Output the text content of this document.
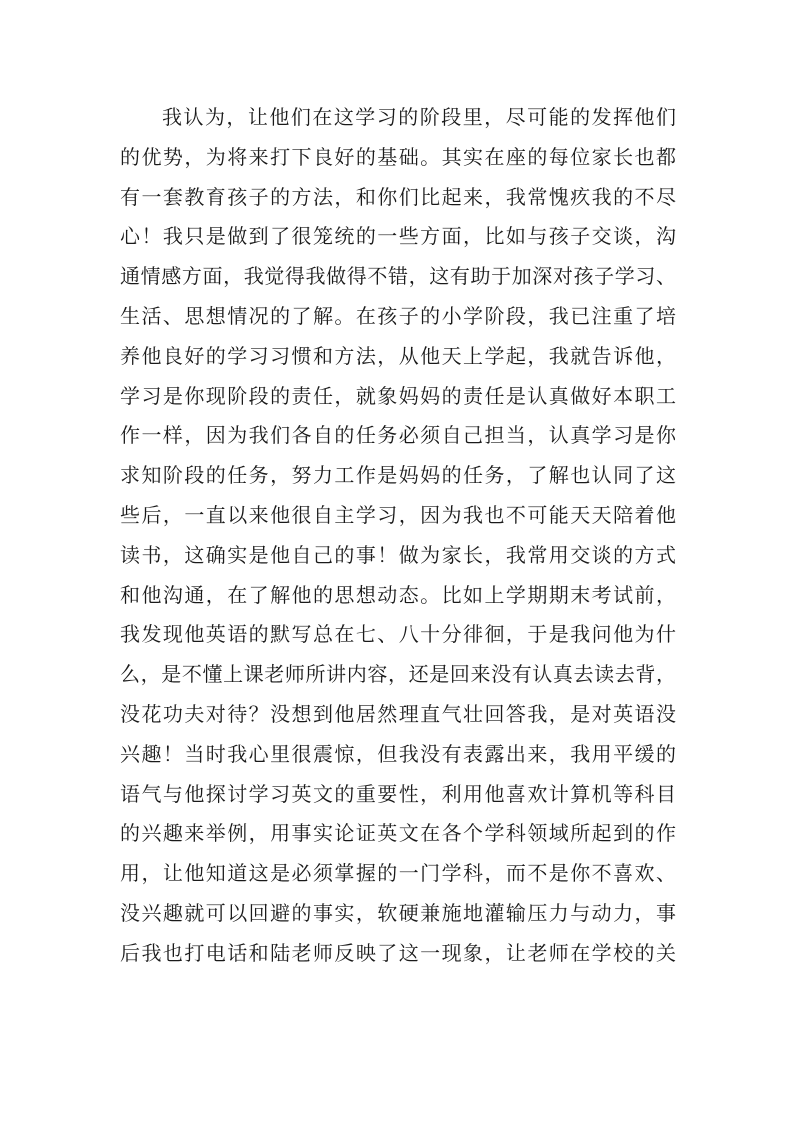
我认为，让他们在这学习的阶段里，尽可能的发挥他们
的优势，为将来打下良好的基础。其实在座的每位家长也都
有一套教育孩子的方法，和你们比起来，我常愧疚我的不尽
心！我只是做到了很笼统的一些方面，比如与孩子交谈，沟
通情感方面，我觉得我做得不错，这有助于加深对孩子学习、
生活、思想情况的了解。在孩子的小学阶段，我已注重了培
养他良好的学习习惯和方法，从他天上学起，我就告诉他，
学习是你现阶段的责任，就象妈妈的责任是认真做好本职工
作一样，因为我们各自的任务必须自己担当，认真学习是你
求知阶段的任务，努力工作是妈妈的任务，了解也认同了这
些后，一直以来他很自主学习，因为我也不可能天天陪着他
读书，这确实是他自己的事！做为家长，我常用交谈的方式
和他沟通，在了解他的思想动态。比如上学期期末考试前，
我发现他英语的默写总在七、八十分徘徊，于是我问他为什
么，是不懂上课老师所讲内容，还是回来没有认真去读去背，
没花功夫对待？没想到他居然理直气壮回答我，是对英语没
兴趣！当时我心里很震惊，但我没有表露出来，我用平缓的
语气与他探讨学习英文的重要性，利用他喜欢计算机等科目
的兴趣来举例，用事实论证英文在各个学科领域所起到的作
用，让他知道这是必须掌握的一门学科，而不是你不喜欢、
没兴趣就可以回避的事实，软硬兼施地灌输压力与动力，事
后我也打电话和陆老师反映了这一现象，让老师在学校的关
